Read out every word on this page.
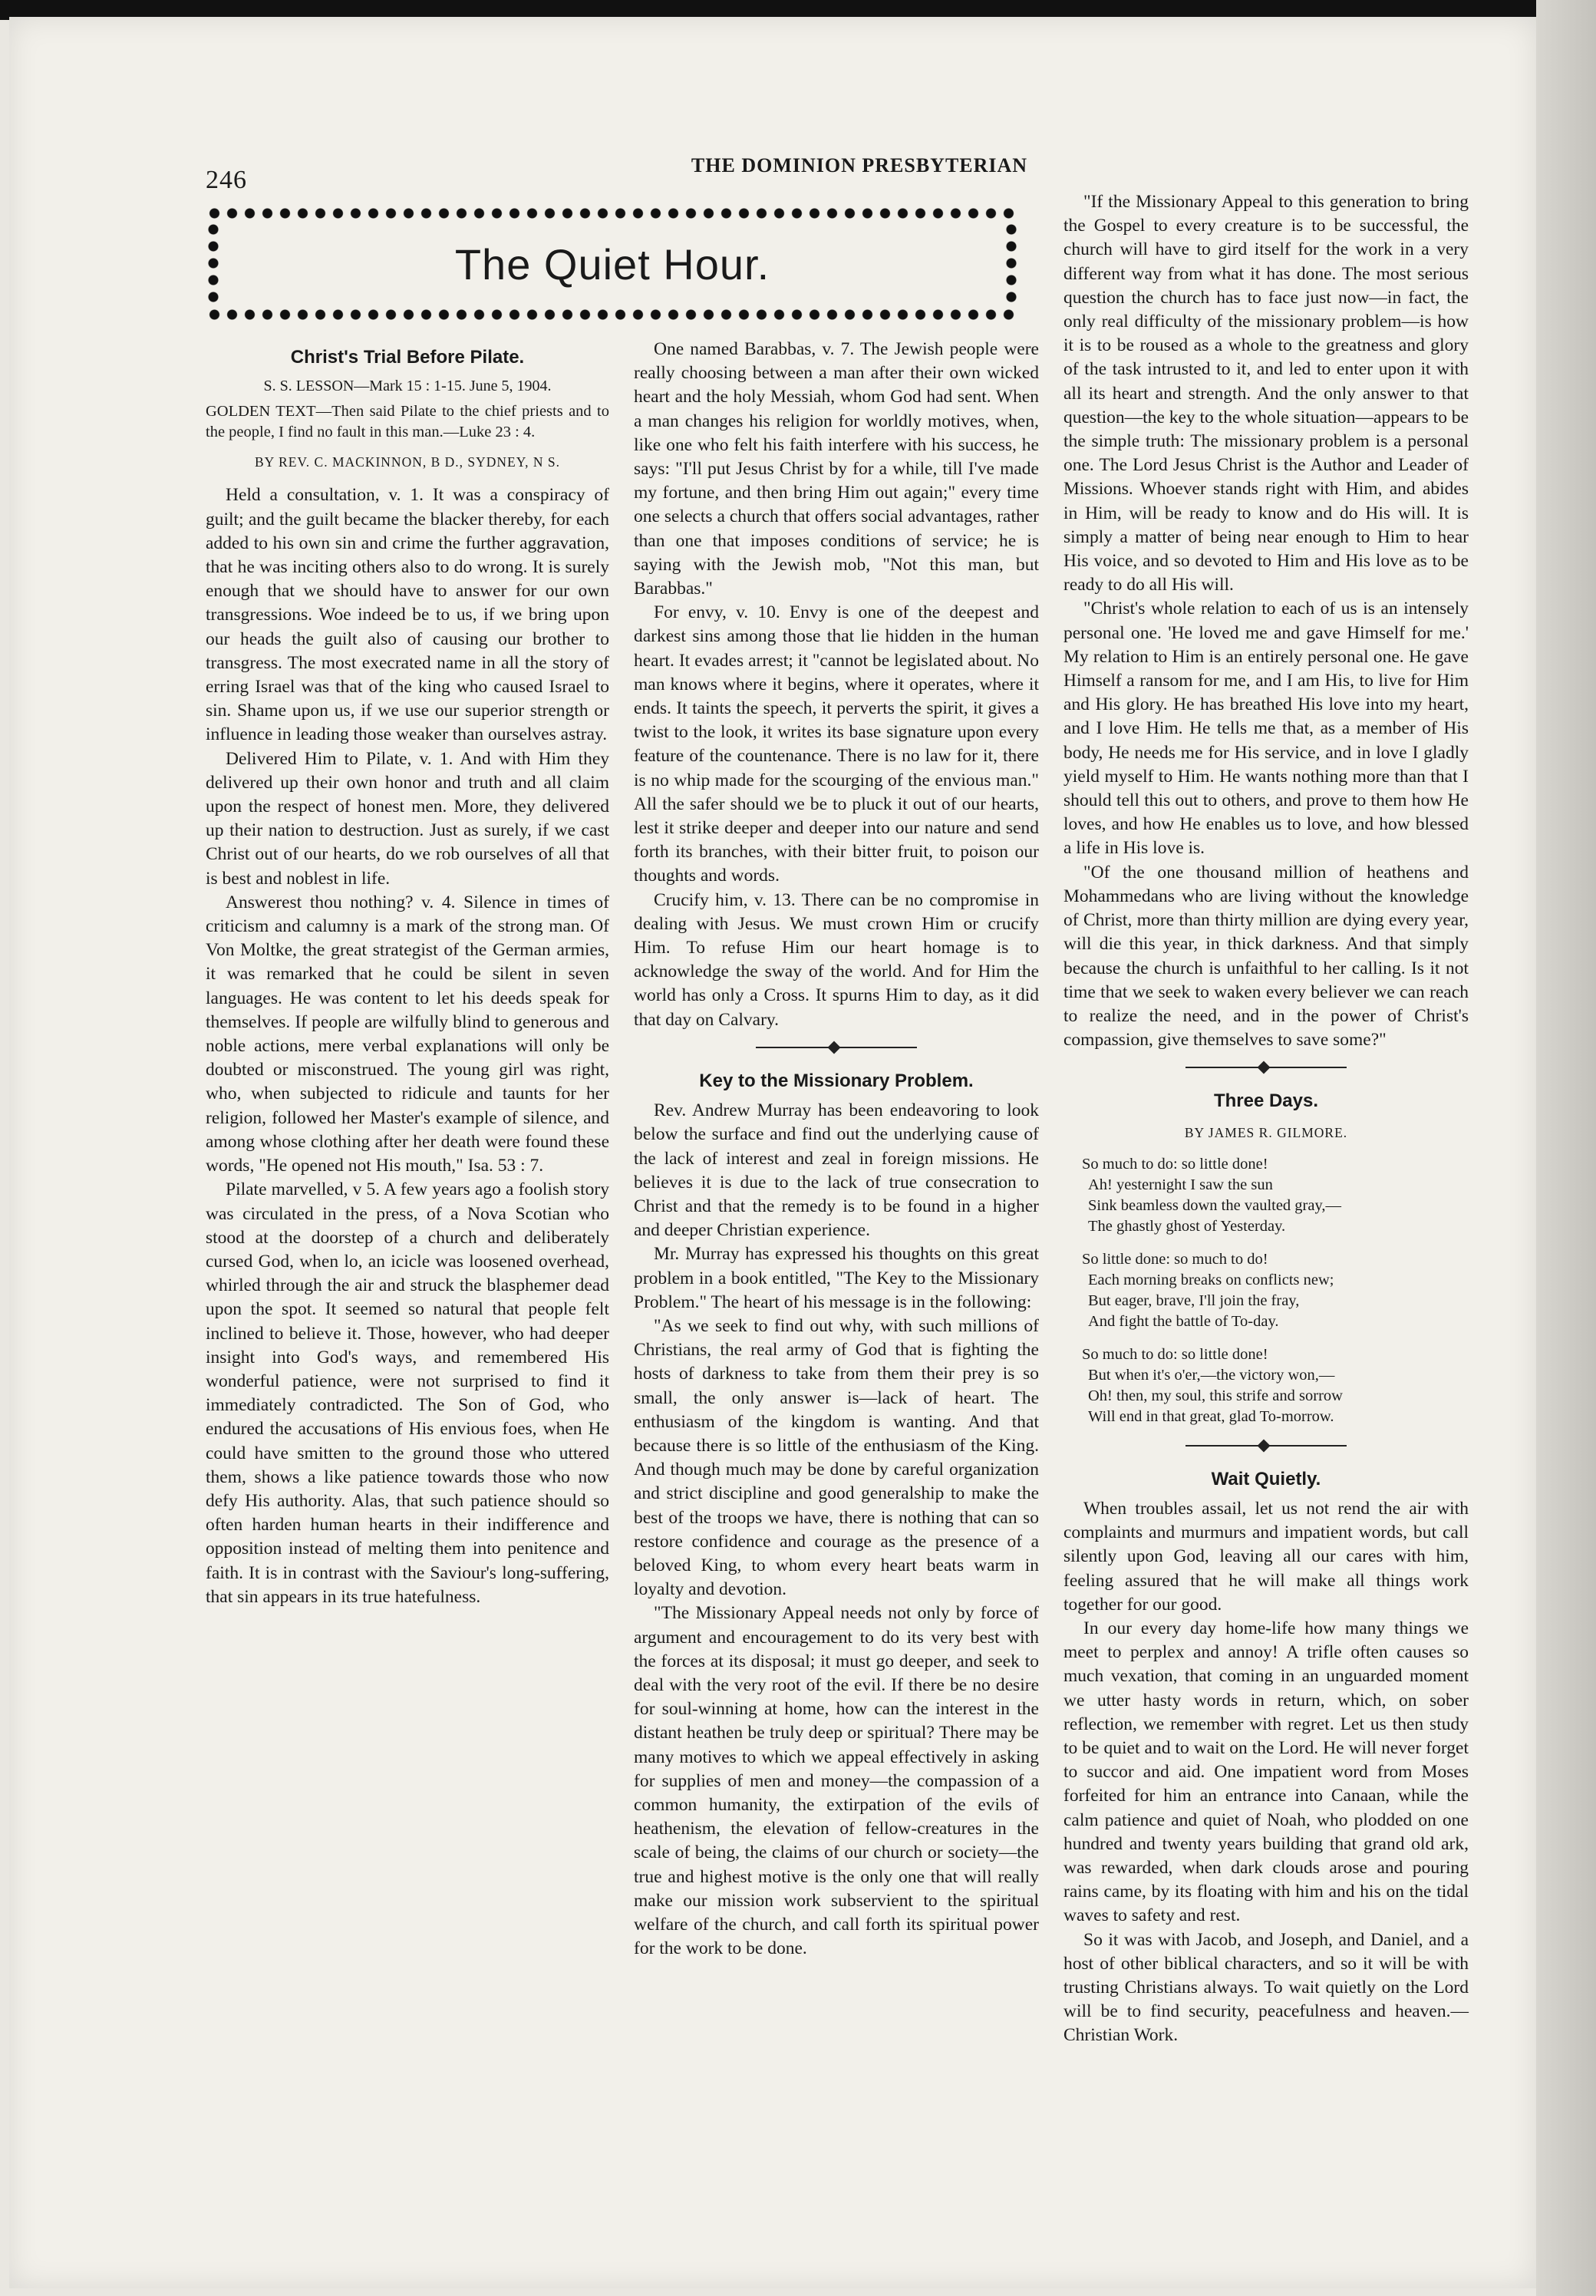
246
THE DOMINION PRESBYTERIAN
The Quiet Hour.
Christ's Trial Before Pilate.

S. S. LESSON—Mark 15 : 1-15. June 5, 1904.

GOLDEN TEXT—Then said Pilate to the chief priests and to the people, I find no fault in this man.—Luke 23 : 4.

BY REV. C. MACKINNON, B D., SYDNEY, N S.

Held a consultation, v. 1. It was a conspiracy of guilt; and the guilt became the blacker thereby, for each added to his own sin and crime the further aggravation, that he was inciting others also to do wrong. It is surely enough that we should have to answer for our own transgressions. Woe indeed be to us, if we bring upon our heads the guilt also of causing our brother to transgress. The most execrated name in all the story of erring Israel was that of the king who caused Israel to sin. Shame upon us, if we use our superior strength or influence in leading those weaker than ourselves astray.

Delivered Him to Pilate, v. 1. And with Him they delivered up their own honor and truth and all claim upon the respect of honest men. More, they delivered up their nation to destruction. Just as surely, if we cast Christ out of our hearts, do we rob ourselves of all that is best and noblest in life.

Answerest thou nothing? v. 4. Silence in times of criticism and calumny is a mark of the strong man. Of Von Moltke, the great strategist of the German armies, it was remarked that he could be silent in seven languages. He was content to let his deeds speak for themselves. If people are wilfully blind to generous and noble actions, mere verbal explanations will only be doubted or misconstrued. The young girl was right, who, when subjected to ridicule and taunts for her religion, followed her Master's example of silence, and among whose clothing after her death were found these words, "He opened not His mouth," Isa. 53 : 7.

Pilate marvelled, v 5. A few years ago a foolish story was circulated in the press, of a Nova Scotian who stood at the doorstep of a church and deliberately cursed God, when lo, an icicle was loosened overhead, whirled through the air and struck the blasphemer dead upon the spot. It seemed so natural that people felt inclined to believe it. Those, however, who had deeper insight into God's ways, and remembered His wonderful patience, were not surprised to find it immediately contradicted. The Son of God, who endured the accusations of His envious foes, when He could have smitten to the ground those who uttered them, shows a like patience towards those who now defy His authority. Alas, that such patience should so often harden human hearts in their indifference and opposition instead of melting them into penitence and faith. It is in contrast with the Saviour's long-suffering, that sin appears in its true hatefulness.

One named Barabbas, v. 7. The Jewish people were really choosing between a man after their own wicked heart and the holy Messiah, whom God had sent. When a man changes his religion for worldly motives, when, like one who felt his faith interfere with his success, he says: "I'll put Jesus Christ by for a while, till I've made my fortune, and then bring Him out again;" every time one selects a church that offers social advantages, rather than one that imposes conditions of service; he is saying with the Jewish mob, "Not this man, but Barabbas."

For envy, v. 10. Envy is one of the deepest and darkest sins among those that lie hidden in the human heart. It evades arrest; it "cannot be legislated about. No man knows where it begins, where it operates, where it ends. It taints the speech, it perverts the spirit, it gives a twist to the look, it writes its base signature upon every feature of the countenance. There is no law for it, there is no whip made for the scourging of the envious man." All the safer should we be to pluck it out of our hearts, lest it strike deeper and deeper into our nature and send forth its branches, with their bitter fruit, to poison our thoughts and words.

Crucify him, v. 13. There can be no compromise in dealing with Jesus. We must crown Him or crucify Him. To refuse Him our heart homage is to acknowledge the sway of the world. And for Him the world has only a Cross. It spurns Him to day, as it did that day on Calvary.

Key to the Missionary Problem.

Rev. Andrew Murray has been endeavoring to look below the surface and find out the underlying cause of the lack of interest and zeal in foreign missions. He believes it is due to the lack of true consecration to Christ and that the remedy is to be found in a higher and deeper Christian experience.

Mr. Murray has expressed his thoughts on this great problem in a book entitled, "The Key to the Missionary Problem." The heart of his message is in the following:

"As we seek to find out why, with such millions of Christians, the real army of God that is fighting the hosts of darkness to take from them their prey is so small, the only answer is—lack of heart. The enthusiasm of the kingdom is wanting. And that because there is so little of the enthusiasm of the King. And though much may be done by careful organization and strict discipline and good generalship to make the best of the troops we have, there is nothing that can so restore confidence and courage as the presence of a beloved King, to whom every heart beats warm in loyalty and devotion.

"The Missionary Appeal needs not only by force of argument and encouragement to do its very best with the forces at its disposal; it must go deeper, and seek to deal with the very root of the evil. If there be no desire for soul-winning at home, how can the interest in the distant heathen be truly deep or spiritual? There may be many motives to which we appeal effectively in asking for supplies of men and money—the compassion of a common humanity, the extirpation of the evils of heathenism, the elevation of fellow-creatures in the scale of being, the claims of our church or society—the true and highest motive is the only one that will really make our mission work subservient to the spiritual welfare of the church, and call forth its spiritual power for the work to be done.

"If the Missionary Appeal to this generation to bring the Gospel to every creature is to be successful, the church will have to gird itself for the work in a very different way from what it has done. The most serious question the church has to face just now—in fact, the only real difficulty of the missionary problem—is how it is to be roused as a whole to the greatness and glory of the task intrusted to it, and led to enter upon it with all its heart and strength. And the only answer to that question—the key to the whole situation—appears to be the simple truth: The missionary problem is a personal one. The Lord Jesus Christ is the Author and Leader of Missions. Whoever stands right with Him, and abides in Him, will be ready to know and do His will. It is simply a matter of being near enough to Him to hear His voice, and so devoted to Him and His love as to be ready to do all His will.

"Christ's whole relation to each of us is an intensely personal one. 'He loved me and gave Himself for me.' My relation to Him is an entirely personal one. He gave Himself a ransom for me, and I am His, to live for Him and His glory. He has breathed His love into my heart, and I love Him. He tells me that, as a member of His body, He needs me for His service, and in love I gladly yield myself to Him. He wants nothing more than that I should tell this out to others, and prove to them how He loves, and how He enables us to love, and how blessed a life in His love is.

"Of the one thousand million of heathens and Mohammedans who are living without the knowledge of Christ, more than thirty million are dying every year, will die this year, in thick darkness. And that simply because the church is unfaithful to her calling. Is it not time that we seek to waken every believer we can reach to realize the need, and in the power of Christ's compassion, give themselves to save some?"

Three Days.

BY JAMES R. GILMORE.

So much to do: so little done!
Ah! yesternight I saw the sun
Sink beamless down the vaulted gray,—
The ghastly ghost of Yesterday.
So little done: so much to do!
Each morning breaks on conflicts new;
But eager, brave, I'll join the fray,
And fight the battle of To-day.
So much to do: so little done!
But when it's o'er,—the victory won,—
Oh! then, my soul, this strife and sorrow
Will end in that great, glad To-morrow.
Wait Quietly.

When troubles assail, let us not rend the air with complaints and murmurs and impatient words, but call silently upon God, leaving all our cares with him, feeling assured that he will make all things work together for our good.

In our every day home-life how many things we meet to perplex and annoy! A trifle often causes so much vexation, that coming in an unguarded moment we utter hasty words in return, which, on sober reflection, we remember with regret. Let us then study to be quiet and to wait on the Lord. He will never forget to succor and aid. One impatient word from Moses forfeited for him an entrance into Canaan, while the calm patience and quiet of Noah, who plodded on one hundred and twenty years building that grand old ark, was rewarded, when dark clouds arose and pouring rains came, by its floating with him and his on the tidal waves to safety and rest.

So it was with Jacob, and Joseph, and Daniel, and a host of other biblical characters, and so it will be with trusting Christians always. To wait quietly on the Lord will be to find security, peacefulness and heaven.—Christian Work.
